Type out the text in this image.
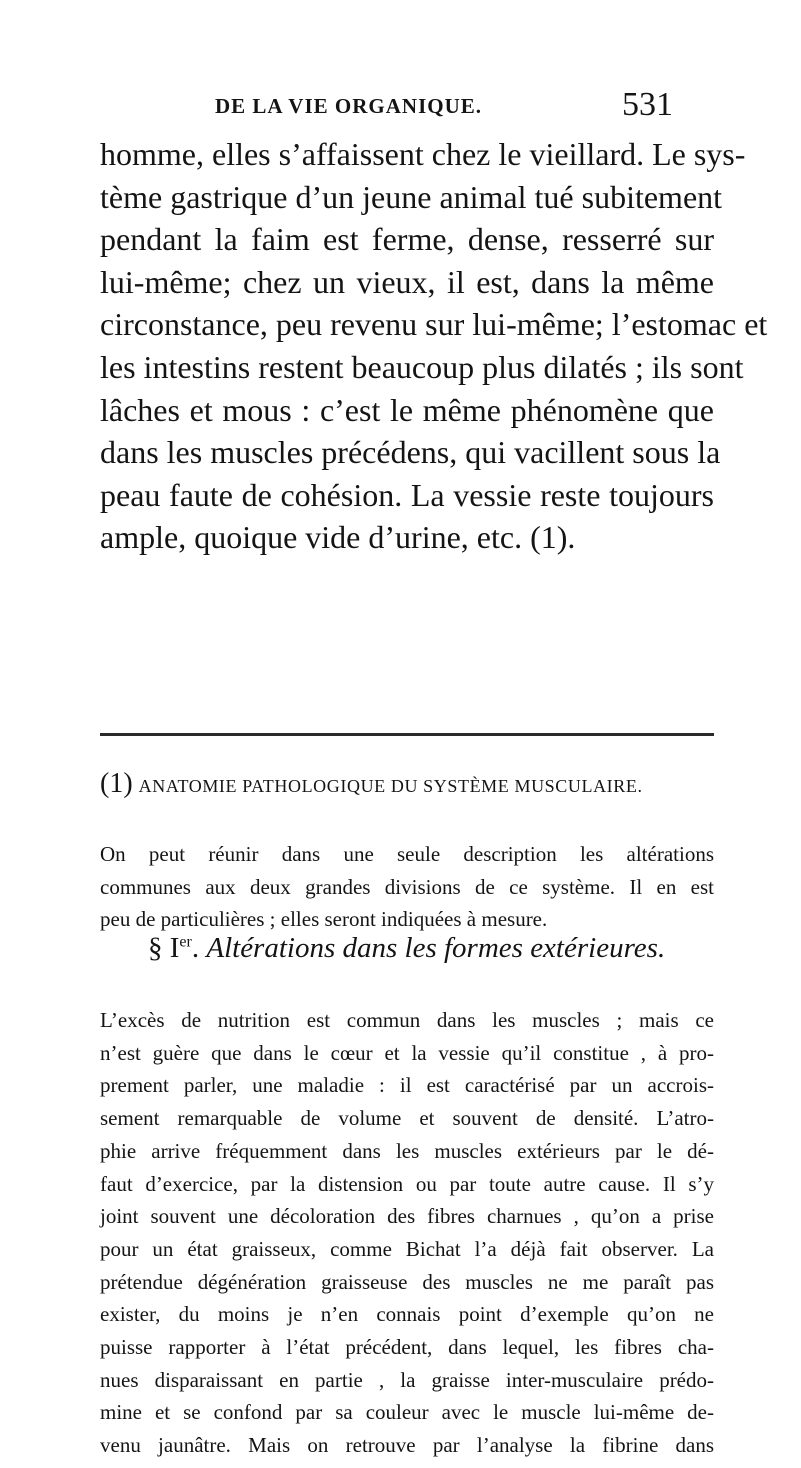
DE LA VIE ORGANIQUE.	531
homme, elles s’affaissent chez le vieillard. Le sys-
tème gastrique d’un jeune animal tué subitement
pendant la faim est ferme, dense, resserré sur
lui-même; chez un vieux, il est, dans la même
circonstance, peu revenu sur lui-même; l’estomac et
les intestins restent beaucoup plus dilatés ; ils sont
lâches et mous : c’est le même phénomène que
dans les muscles précédens, qui vacillent sous la
peau faute de cohésion. La vessie reste toujours
ample, quoique vide d’urine, etc. (1).
(1) ANATOMIE PATHOLOGIQUE DU SYSTÈME MUSCULAIRE.
On peut réunir dans une seule description les altérations
communes aux deux grandes divisions de ce système. Il en est
peu de particulières ; elles seront indiquées à mesure.
§ Ier. Altérations dans les formes extérieures.
L’excès de nutrition est commun dans les muscles ; mais ce
n’est guère que dans le cœur et la vessie qu’il constitue , à pro-
prement parler, une maladie : il est caractérisé par un accrois-
sement remarquable de volume et souvent de densité. L’atro-
phie arrive fréquemment dans les muscles extérieurs par le dé-
faut d’exercice, par la distension ou par toute autre cause. Il s’y
joint souvent une décoloration des fibres charnues , qu’on a prise
pour un état graisseux, comme Bichat l’a déjà fait observer. La
prétendue dégénération graisseuse des muscles ne me paraît pas
exister, du moins je n’en connais point d’exemple qu’on ne
puisse rapporter à l’état précédent, dans lequel, les fibres cha-
nues disparaissant en partie , la graisse inter-musculaire prédo-
mine et se confond par sa couleur avec le muscle lui-même de-
venu jaunâtre. Mais on retrouve par l’analyse la fibrine dans
